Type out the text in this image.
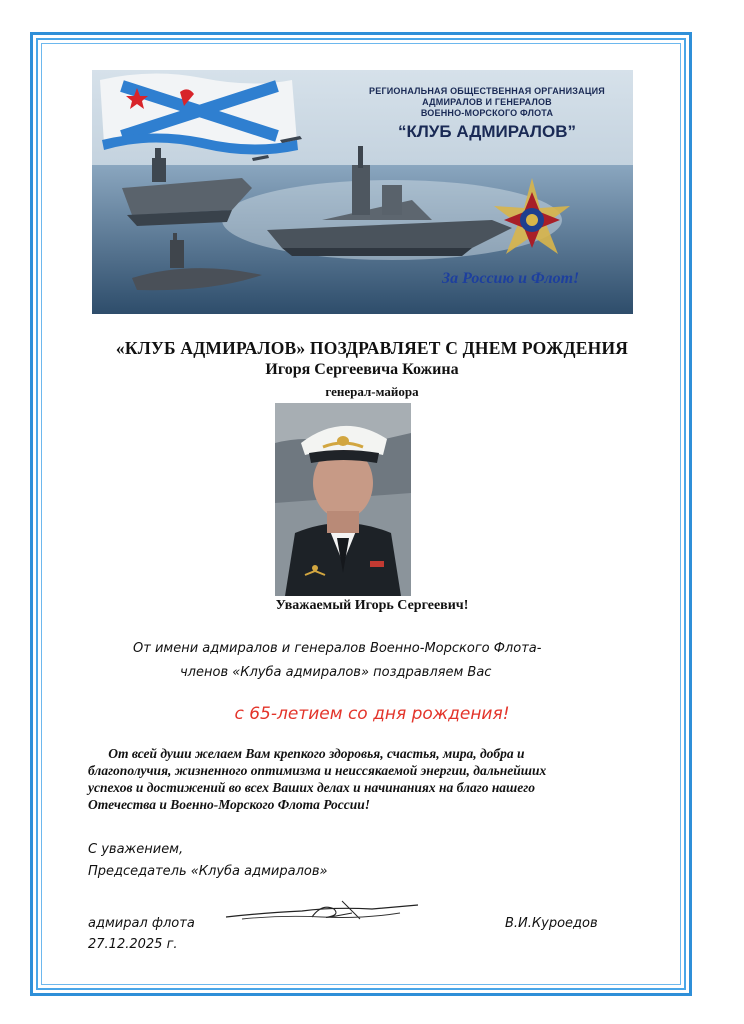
РЕГИОНАЛЬНАЯ ОБЩЕСТВЕННАЯ ОРГАНИЗАЦИЯ
АДМИРАЛОВ И ГЕНЕРАЛОВ
ВОЕННО-МОРСКОГО ФЛОТА
“КЛУБ АДМИРАЛОВ”
За Россию и Флот!
«КЛУБ АДМИРАЛОВ» ПОЗДРАВЛЯЕТ С ДНЕМ РОЖДЕНИЯ
Игоря Сергеевича Кожина
генерал-майора
Уважаемый Игорь Сергеевич!
От имени адмиралов и генералов Военно-Морского Флота-
членов «Клуба адмиралов» поздравляем Вас
с 65-летием со дня рождения!
От всей души желаем Вам крепкого здоровья, счастья, мира, добра и
благополучия, жизненного оптимизма и неиссякаемой энергии, дальнейших
успехов и достижений во всех Ваших делах и начинаниях на благо нашего
Отечества и Военно-Морского Флота России!
С уважением,
Председатель «Клуба адмиралов»
адмирал флота
27.12.2025 г.
В.И.Куроедов
